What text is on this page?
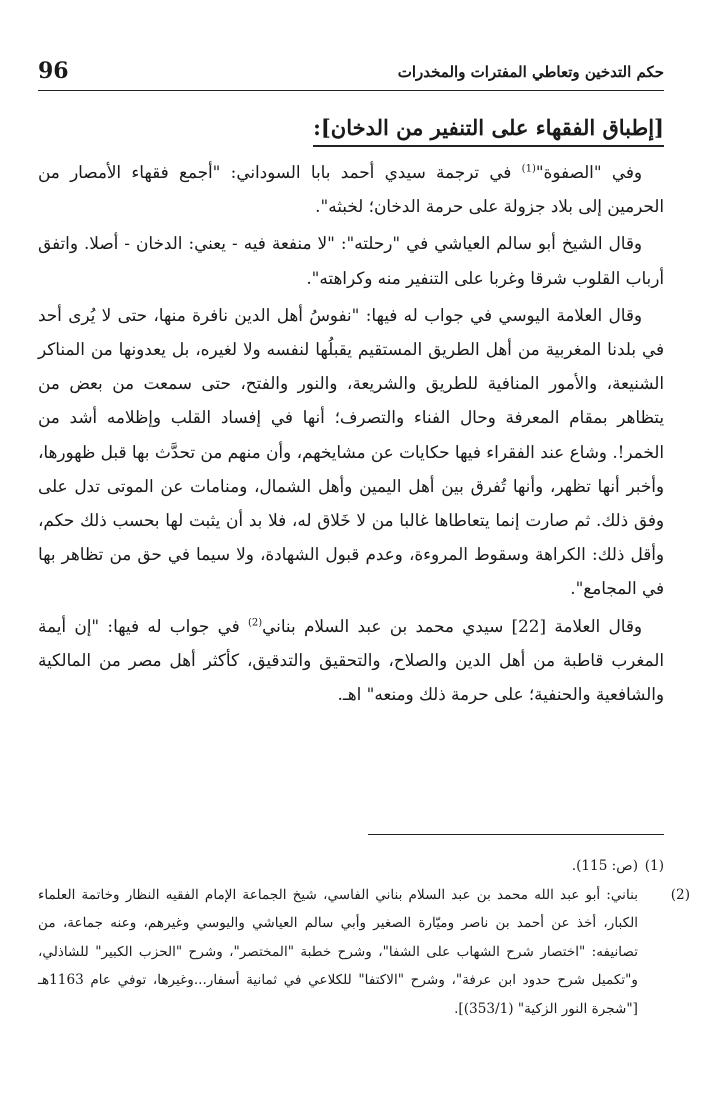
96	حكم التدخين وتعاطي المفترات والمخدرات
[إطباق الفقهاء على التنفير من الدخان]:

وفي "الصفوة"$^{(1)}$ في ترجمة سيدي أحمد بابا السوداني: "أجمع فقهاء الأمصار من الحرمين إلى بلاد جزولة على حرمة الدخان؛ لخبثه".

وقال الشيخ أبو سالم العياشي في "رحلته": "لا منفعة فيه - يعني: الدخان - أصلا. واتفق أرباب القلوب شرقا وغربا على التنفير منه وكراهته".

وقال العلامة اليوسي في جواب له فيها: "نفوسُ أهل الدين نافرة منها، حتى لا يُرى أحد في بلدنا المغربية من أهل الطريق المستقيم يقبلُها لنفسه ولا لغيره، بل يعدونها من المناكر الشنيعة، والأمور المنافية للطريق والشريعة، والنور والفتح، حتى سمعت من بعض من يتظاهر بمقام المعرفة وحال الفناء والتصرف؛ أنها في إفساد القلب وإظلامه أشد من الخمر!. وشاع عند الفقراء فيها حكايات عن مشايخهم، وأن منهم من تحدَّث بها قبل ظهورها، وأخبر أنها تظهر، وأنها تُفرق بين أهل اليمين وأهل الشمال، ومنامات عن الموتى تدل على وفق ذلك. ثم صارت إنما يتعاطاها غالبا من لا خَلاق له، فلا بد أن يثبت لها بحسب ذلك حكم، وأقل ذلك: الكراهة وسقوط المروءة، وعدم قبول الشهادة، ولا سيما في حق من تظاهر بها في المجامع".

وقال العلامة [22] سيدي محمد بن عبد السلام بناني$^{(2)}$ في جواب له فيها: "إن أيمة المغرب قاطبة من أهل الدين والصلاح، والتحقيق والتدقيق، كأكثر أهل مصر من المالكية والشافعية والحنفية؛ على حرمة ذلك ومنعه" اهـ.

(1)(ص: 115).

(2)بناني: أبو عبد الله محمد بن عبد السلام بناني الفاسي، شيخ الجماعة الإمام الفقيه النظار وخاتمة العلماء الكبار، أخذ عن أحمد بن ناصر وميّارة الصغير وأبي سالم العياشي واليوسي وغيرهم، وعنه جماعة، من تصانيفه: "اختصار شرح الشهاب على الشفا"، وشرح خطبة "المختصر"، وشرح "الحزب الكبير" للشاذلي، و"تكميل شرح حدود ابن عرفة"، وشرح "الاكتفا" للكلاعي في ثمانية أسفار...وغيرها، توفي عام 1163هـ ["شجرة النور الزكية" (353/1)].
